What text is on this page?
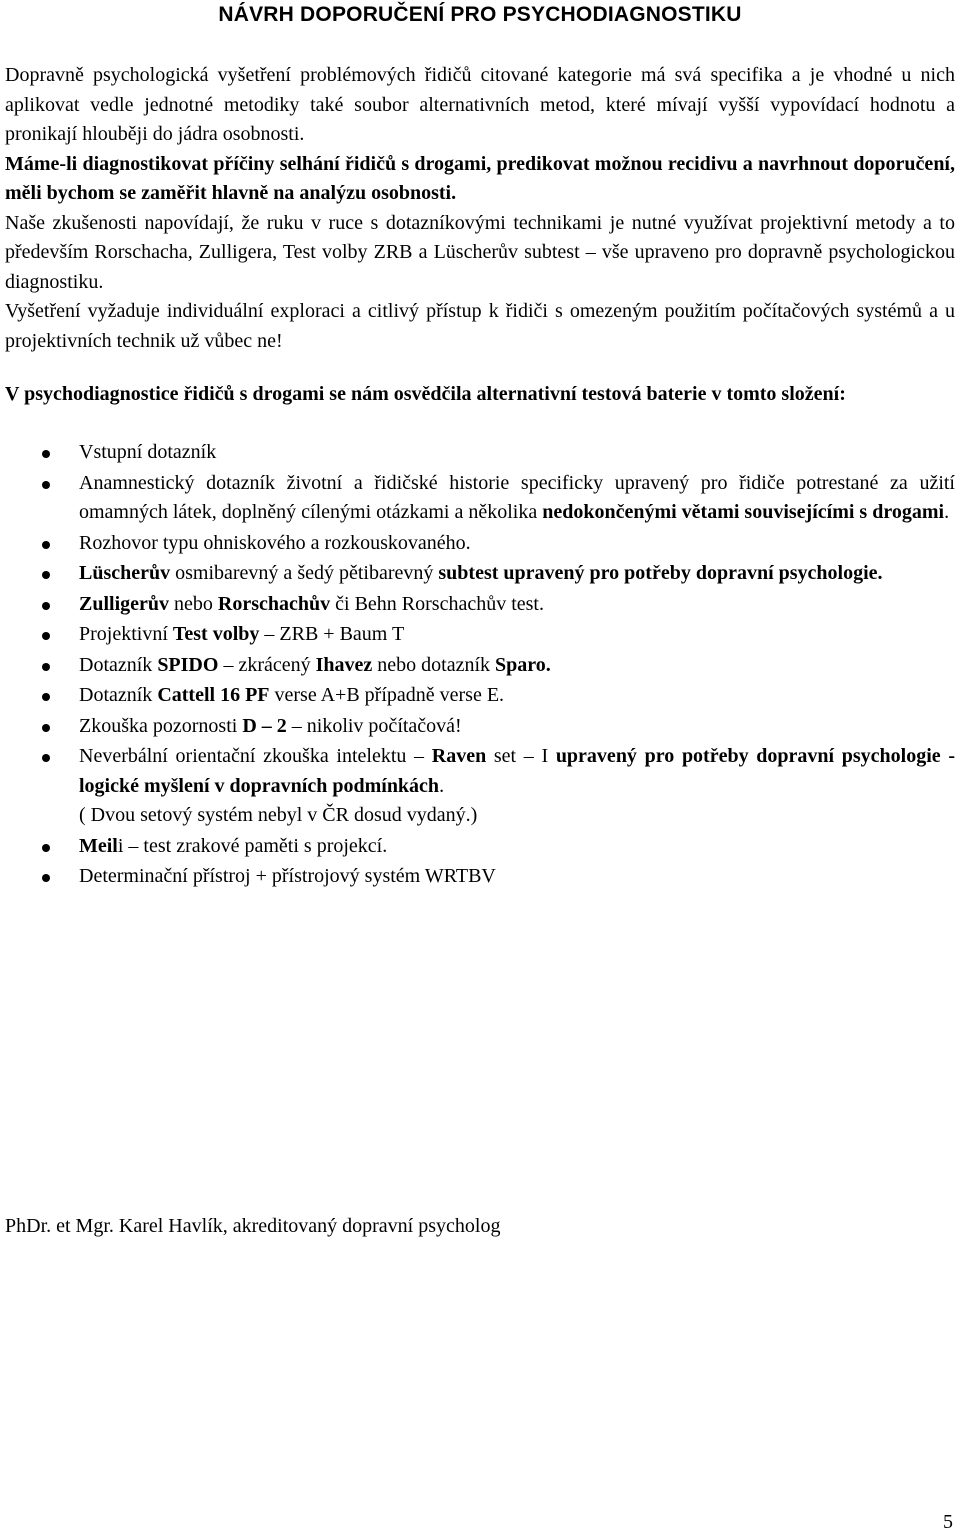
NÁVRH DOPORUČENÍ PRO PSYCHODIAGNOSTIKU

Dopravně psychologická vyšetření problémových řidičů citované kategorie má svá specifika a je vhodné u nich aplikovat vedle jednotné metodiky také soubor alternativních metod, které mívají vyšší vypovídací hodnotu a pronikají hlouběji do jádra osobnosti.
Máme-li diagnostikovat příčiny selhání řidičů s drogami, predikovat možnou recidivu a navrhnout doporučení, měli bychom se zaměřit hlavně na analýzu osobnosti.
Naše zkušenosti napovídají, že ruku v ruce s dotazníkovými technikami je nutné využívat projektivní metody a to především Rorschacha, Zulligera, Test volby ZRB a Lüscherův subtest – vše upraveno pro dopravně psychologickou diagnostiku.
Vyšetření vyžaduje individuální exploraci a citlivý přístup k řidiči s omezeným použitím počítačových systémů a u projektivních technik už vůbec ne!

V psychodiagnostice řidičů s drogami se nám osvědčila alternativní testová baterie v tomto složení:

Vstupní dotazník
Anamnestický dotazník životní a řidičské historie specificky upravený pro řidiče potrestané za užití omamných látek, doplněný cílenými otázkami a několika nedokončenými větami souvisejícími s drogami.
Rozhovor typu ohniskového a rozkouskovaného.
Lüscherův osmibarevný a šedý pětibarevný subtest upravený pro potřeby dopravní psychologie.
Zulligerův nebo Rorschachův či Behn Rorschachův test.
Projektivní Test volby – ZRB + Baum T
Dotazník SPIDO – zkrácený Ihavez nebo dotazník Sparo.
Dotazník Cattell 16 PF verse A+B případně verse E.
Zkouška pozornosti D – 2 – nikoliv počítačová!
Neverbální orientační zkouška intelektu – Raven set – I upravený pro potřeby dopravní psychologie - logické myšlení v dopravních podmínkách.
( Dvou setový systém nebyl v ČR dosud vydaný.)
Meili – test zrakové paměti s projekcí.
Determinační přístroj + přístrojový systém WRTBV

PhDr. et Mgr. Karel Havlík, akreditovaný dopravní psycholog

5
